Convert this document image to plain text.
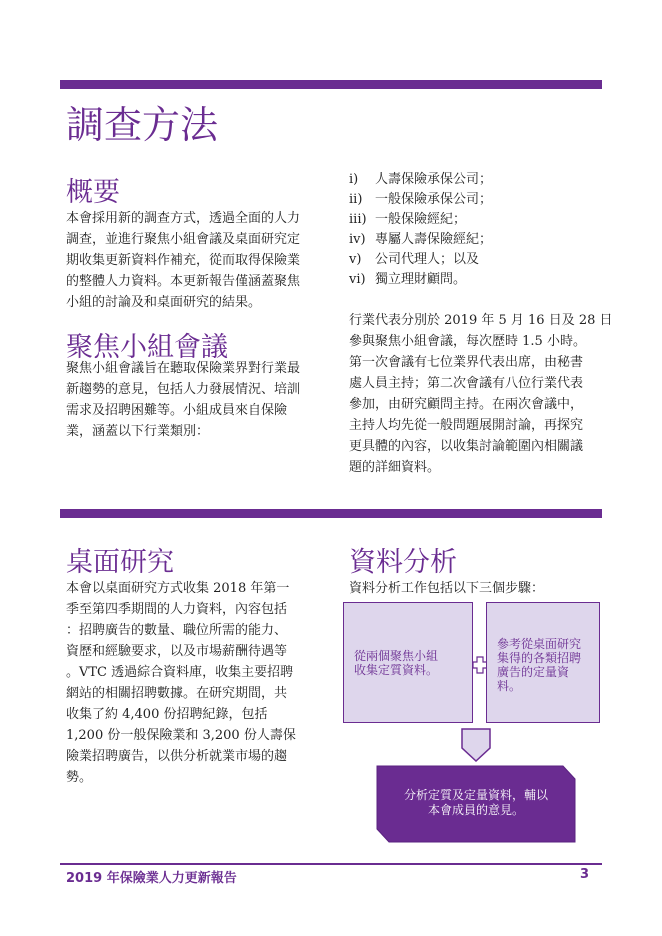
調查方法
概要

本會採用新的調查方式，透過全面的人力
調查，並進行聚焦小組會議及桌面研究定
期收集更新資料作補充，從而取得保險業
的整體人力資料。本更新報告僅涵蓋聚焦
小組的討論及和桌面研究的結果。

聚焦小組會議

聚焦小組會議旨在聽取保險業界對行業最
新趨勢的意見，包括人力發展情況、培訓
需求及招聘困難等。小組成員來自保險
業，涵蓋以下行業類別：

i)	人壽保險承保公司；
ii) 一般保險承保公司；
iii) 一般保險經紀；
iv) 專屬人壽保險經紀；
v)	公司代理人；以及
vi) 獨立理財顧問。

行業代表分別於 2019 年 5 月 16 日及 28 日
參與聚焦小組會議，每次歷時 1.5 小時。
第一次會議有七位業界代表出席，由秘書
處人員主持；第二次會議有八位行業代表
參加，由研究顧問主持。在兩次會議中，
主持人均先從一般問題展開討論，再探究
更具體的內容，以收集討論範圍內相關議
題的詳細資料。

桌面研究

本會以桌面研究方式收集 2018 年第一
季至第四季期間的人力資料，內容包括
：招聘廣告的數量、職位所需的能力、
資歷和經驗要求，以及市場薪酬待遇等
。VTC 透過綜合資料庫，收集主要招聘
網站的相關招聘數據。在研究期間，共
收集了約 4,400 份招聘紀錄，包括
1,200 份一般保險業和 3,200 份人壽保
險業招聘廣告，以供分析就業市場的趨
勢。

資料分析

資料分析工作包括以下三個步驟：

從兩個聚焦小組
收集定質資料。
參考從桌面研究
集得的各類招聘
廣告的定量資
料。
分析定質及定量資料，輔以
本會成員的意見。
2019 年保險業人力更新報告	3
